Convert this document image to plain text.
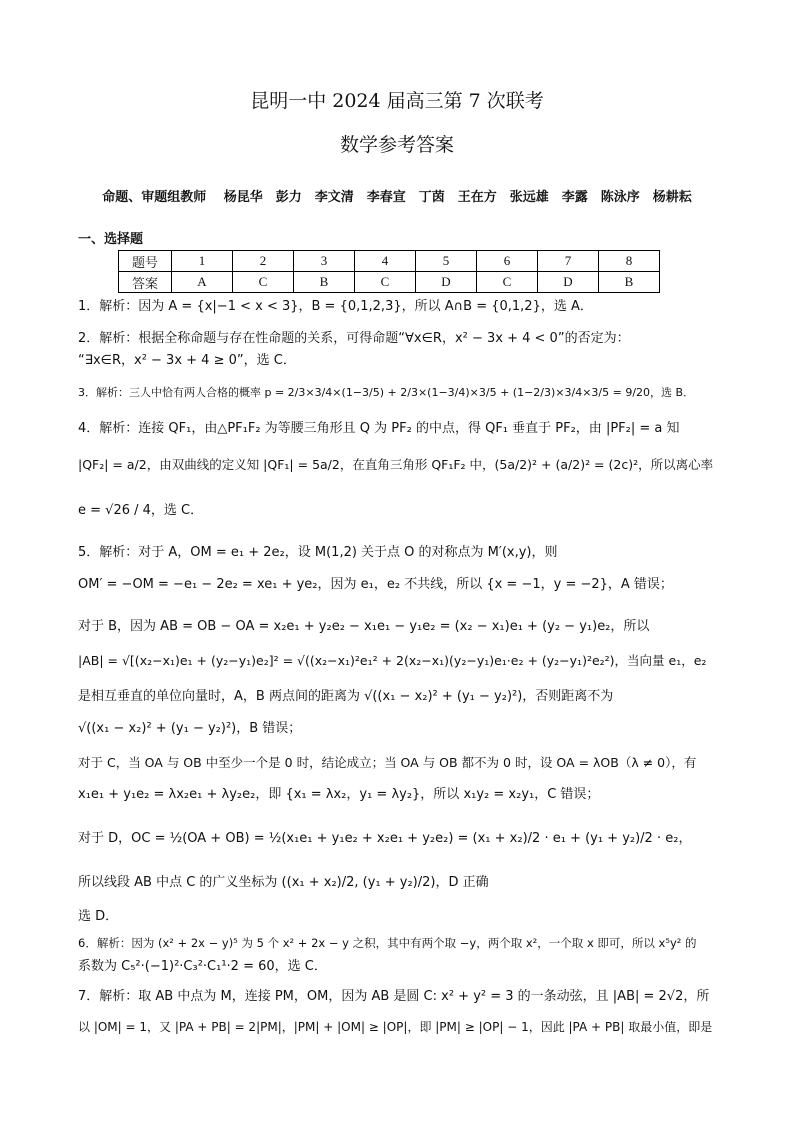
昆明一中 2024 届高三第 7 次联考
数学参考答案
命题、审题组教师　 杨昆华　彭力　李文清　李春宣　丁茵　王在方　张远雄　李露　陈泳序　杨耕耘
一、选择题
题号	1	2	3	4	5	6	7	8
答案	A	C	B	C	D	C	D	B
1．解析：因为 A = {x|−1 < x < 3}，B = {0,1,2,3}，所以 A∩B = {0,1,2}，选 A．
2．解析：根据全称命题与存在性命题的关系，可得命题“∀x∈R，x² − 3x + 4 < 0”的否定为：
“∃x∈R，x² − 3x + 4 ≥ 0”，选 C．
3．解析：三人中恰有两人合格的概率 p = 2/3×3/4×(1−3/5) + 2/3×(1−3/4)×3/5 + (1−2/3)×3/4×3/5 = 9/20，选 B．
4．解析：连接 QF₁，由△PF₁F₂ 为等腰三角形且 Q 为 PF₂ 的中点，得 QF₁ 垂直于 PF₂，由 |PF₂| = a 知
|QF₂| = a/2，由双曲线的定义知 |QF₁| = 5a/2，在直角三角形 QF₁F₂ 中，(5a/2)² + (a/2)² = (2c)²，所以离心率
e = √26 / 4，选 C．
5．解析：对于 A，OM = e₁ + 2e₂，设 M(1,2) 关于点 O 的对称点为 M′(x,y)，则
OM′ = −OM = −e₁ − 2e₂ = xe₁ + ye₂，因为 e₁，e₂ 不共线，所以 {x = −1，y = −2}，A 错误；
对于 B，因为 AB = OB − OA = x₂e₁ + y₂e₂ − x₁e₁ − y₁e₂ = (x₂ − x₁)e₁ + (y₂ − y₁)e₂，所以
|AB| = √[(x₂−x₁)e₁ + (y₂−y₁)e₂]² = √((x₂−x₁)²e₁² + 2(x₂−x₁)(y₂−y₁)e₁·e₂ + (y₂−y₁)²e₂²)，当向量 e₁，e₂
是相互垂直的单位向量时，A，B 两点间的距离为 √((x₁ − x₂)² + (y₁ − y₂)²)，否则距离不为
√((x₁ − x₂)² + (y₁ − y₂)²)，B 错误；
对于 C，当 OA 与 OB 中至少一个是 0 时，结论成立；当 OA 与 OB 都不为 0 时，设 OA = λOB（λ ≠ 0），有
x₁e₁ + y₁e₂ = λx₂e₁ + λy₂e₂，即 {x₁ = λx₂，y₁ = λy₂}，所以 x₁y₂ = x₂y₁，C 错误；
对于 D，OC = ½(OA + OB) = ½(x₁e₁ + y₁e₂ + x₂e₁ + y₂e₂) = (x₁ + x₂)/2 · e₁ + (y₁ + y₂)/2 · e₂，
所以线段 AB 中点 C 的广义坐标为 ((x₁ + x₂)/2, (y₁ + y₂)/2)，D 正确
选 D．
6．解析：因为 (x² + 2x − y)⁵ 为 5 个 x² + 2x − y 之积，其中有两个取 −y，两个取 x²，一个取 x 即可，所以 x⁵y² 的
系数为 C₅²·(−1)²·C₃²·C₁¹·2 = 60，选 C．
7．解析：取 AB 中点为 M，连接 PM，OM，因为 AB 是圆 C: x² + y² = 3 的一条动弦，且 |AB| = 2√2，所
以 |OM| = 1，又 |PA + PB| = 2|PM|，|PM| + |OM| ≥ |OP|，即 |PM| ≥ |OP| − 1，因此 |PA + PB| 取最小值，即是
